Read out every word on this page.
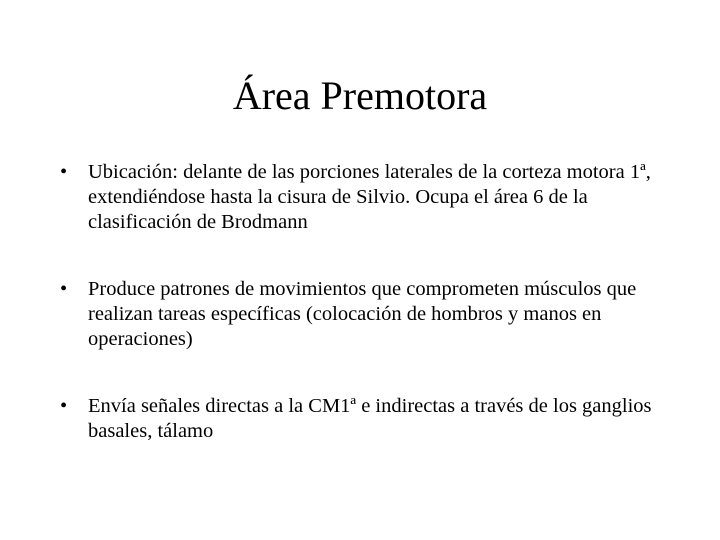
Área Premotora
•	Ubicación: delante de las porciones laterales de la corteza motora 1ª, extendiéndose hasta la cisura de Silvio. Ocupa el área 6 de la clasificación de Brodmann
•	Produce patrones de movimientos que comprometen músculos que realizan tareas específicas (colocación de hombros y manos en operaciones)
•	Envía señales directas a la CM1ª e indirectas a través de los ganglios basales, tálamo
